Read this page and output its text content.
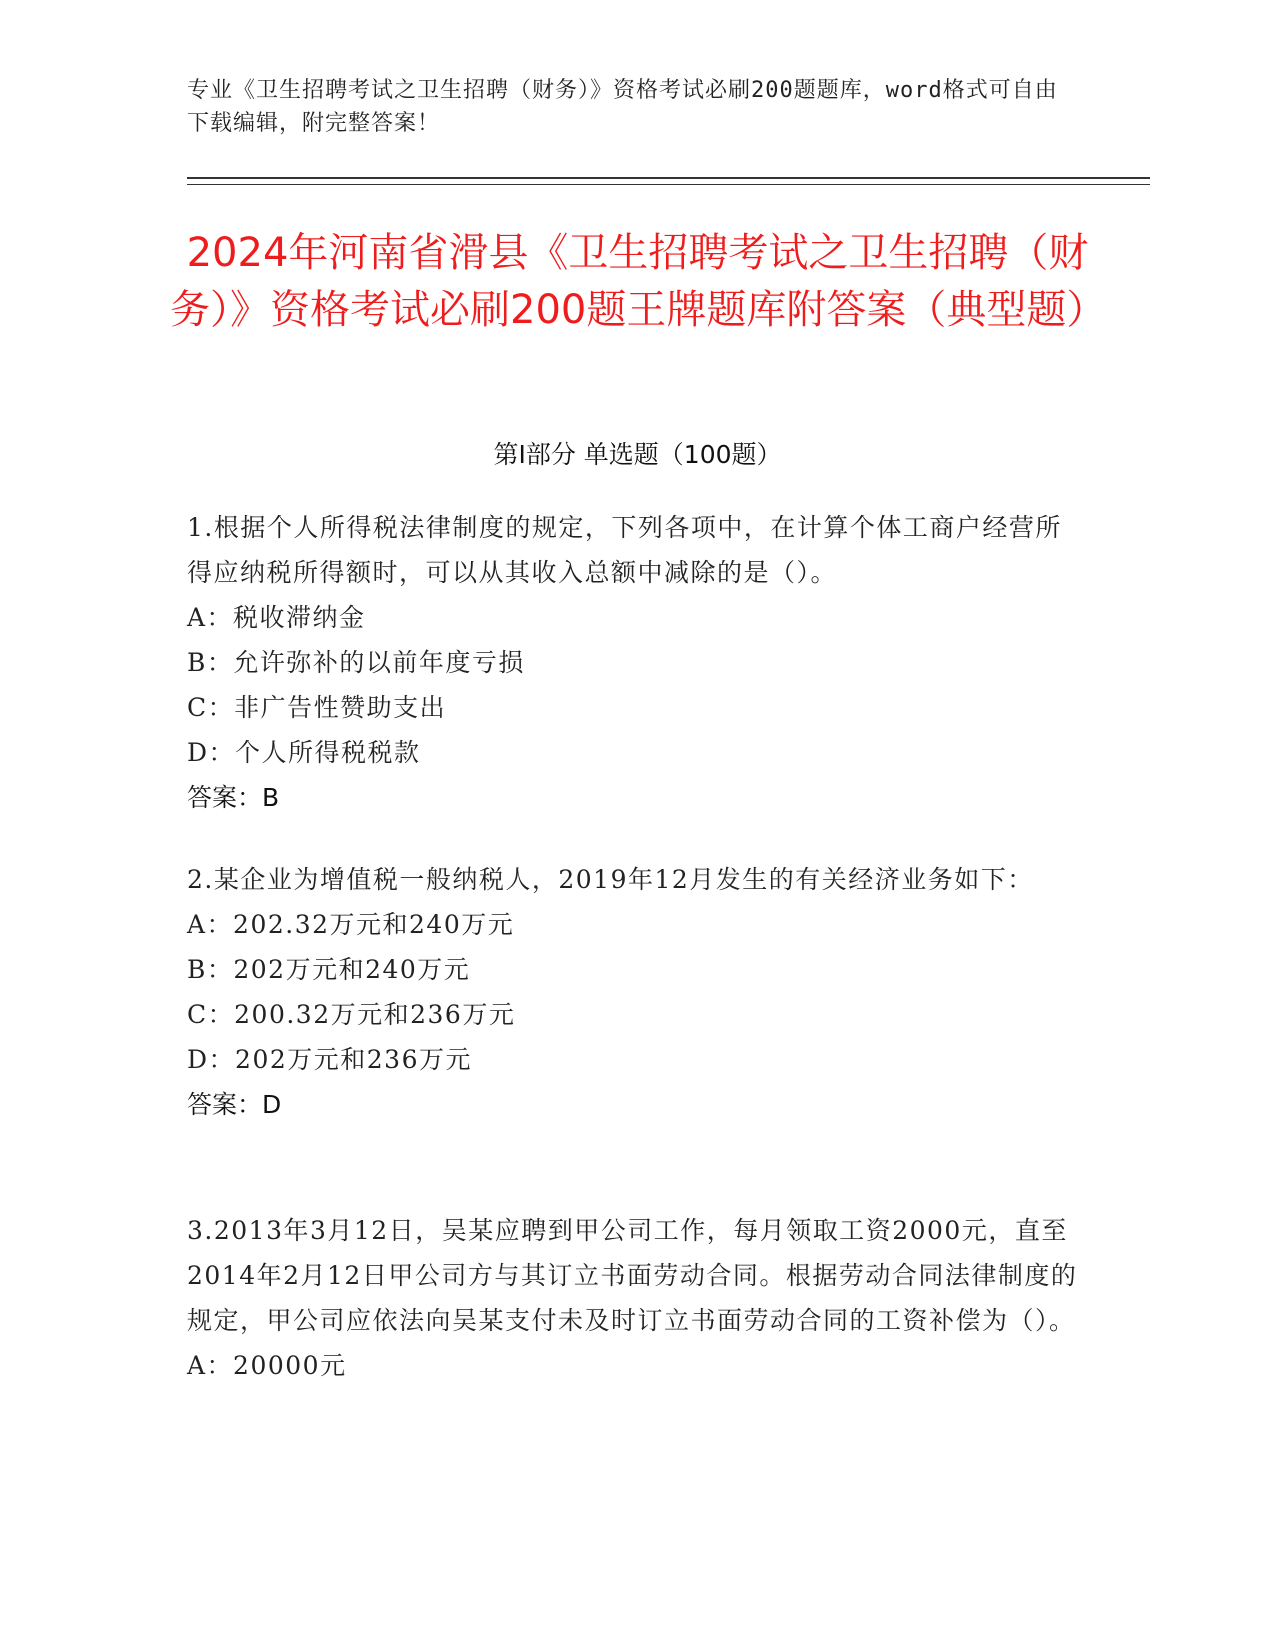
专业《卫生招聘考试之卫生招聘（财务）》资格考试必刷200题题库，word格式可自由下载编辑，附完整答案！
2024年河南省滑县《卫生招聘考试之卫生招聘（财务）》资格考试必刷200题王牌题库附答案（典型题）
第Ⅰ部分 单选题（100题）

1.根据个人所得税法律制度的规定，下列各项中，在计算个体工商户经营所得应纳税所得额时，可以从其收入总额中减除的是（）。

A：税收滞纳金

B：允许弥补的以前年度亏损

C：非广告性赞助支出

D：个人所得税税款

答案：B

2.某企业为增值税一般纳税人，2019年12月发生的有关经济业务如下：

A：202.32万元和240万元

B：202万元和240万元

C：200.32万元和236万元

D：202万元和236万元

答案：D

3.2013年3月12日，吴某应聘到甲公司工作，每月领取工资2000元，直至2014年2月12日甲公司方与其订立书面劳动合同。根据劳动合同法律制度的规定，甲公司应依法向吴某支付未及时订立书面劳动合同的工资补偿为（）。

A：20000元
